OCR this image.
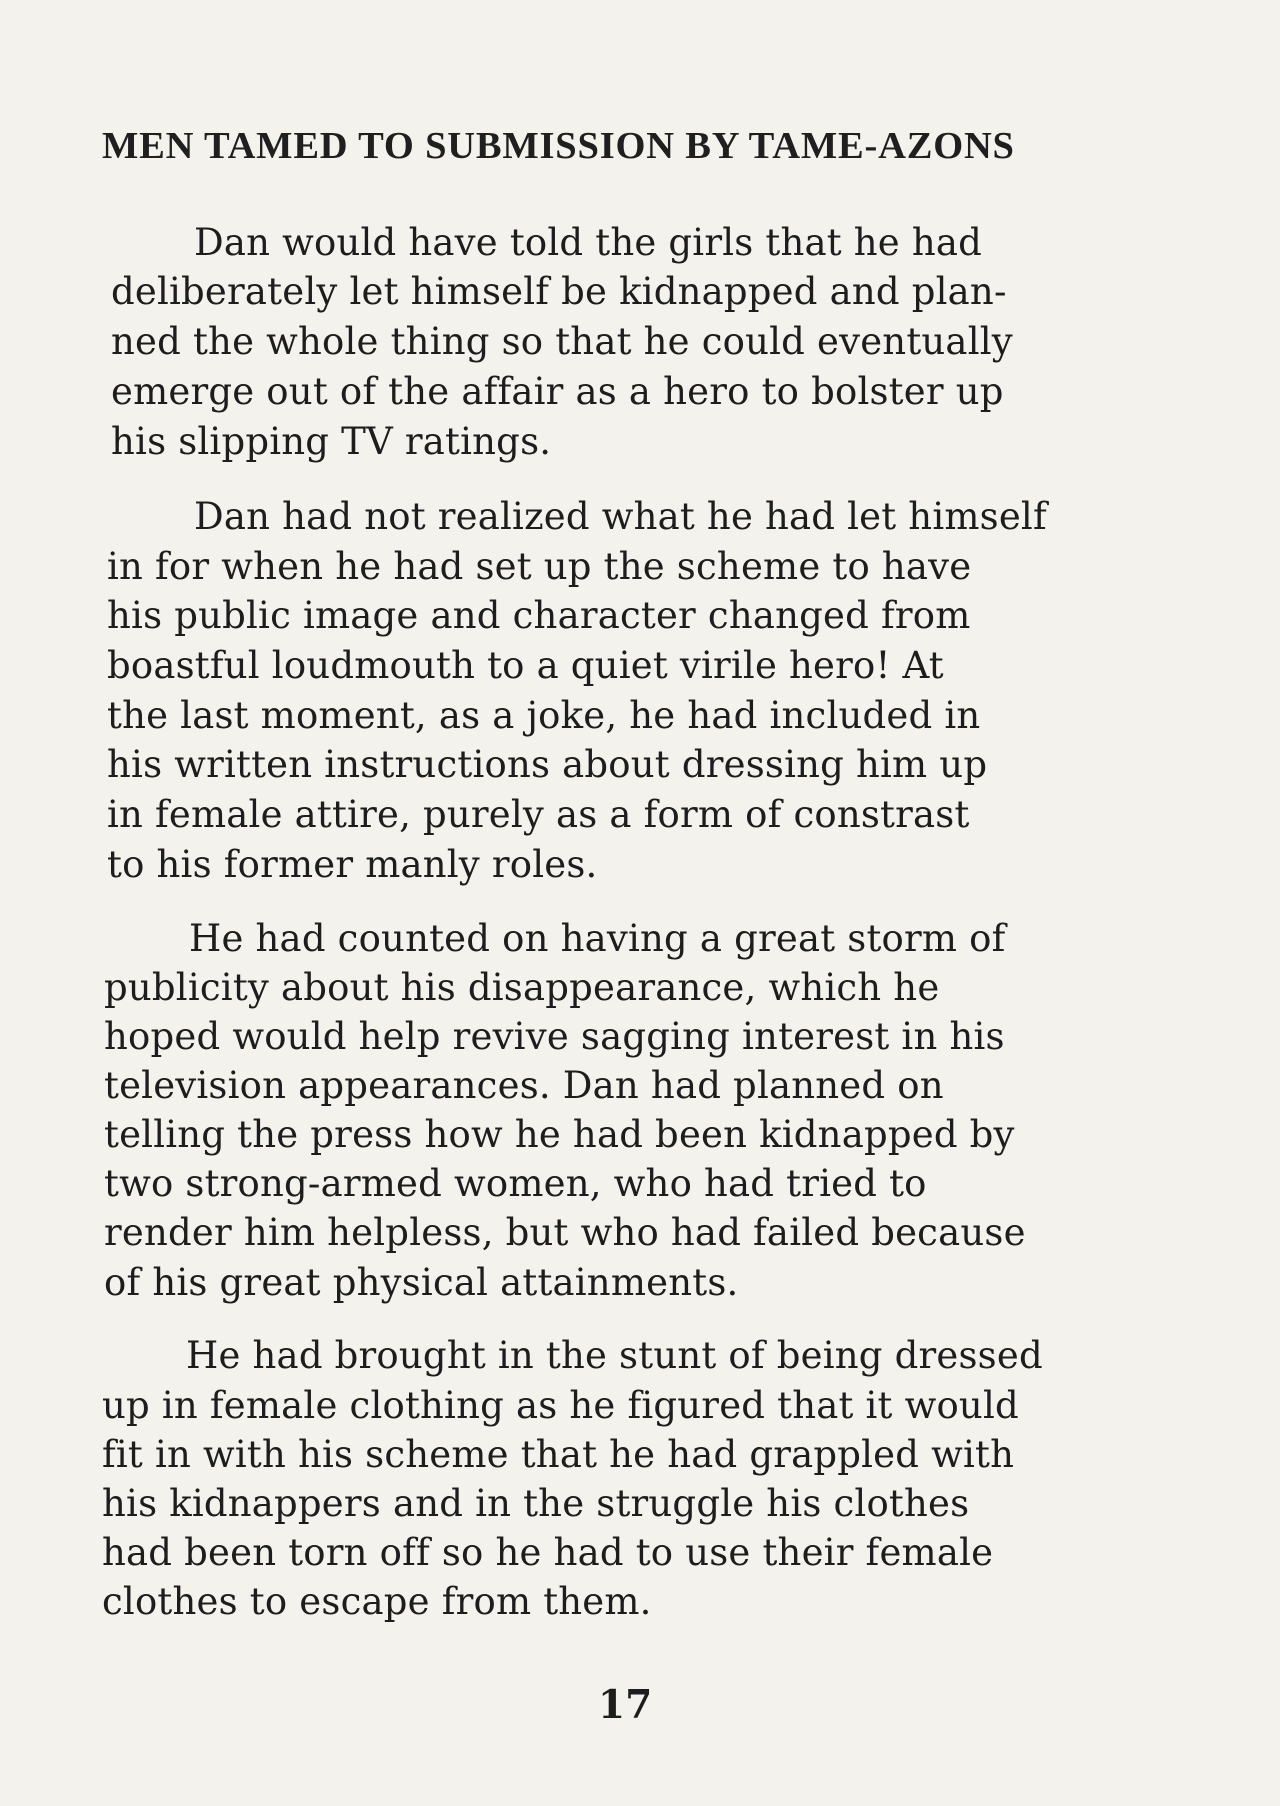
MEN TAMED TO SUBMISSION BY TAME-AZONS
Dan would have told the girls that he had
deliberately let himself be kidnapped and plan-
ned the whole thing so that he could eventually
emerge out of the affair as a hero to bolster up
his slipping TV ratings.
Dan had not realized what he had let himself
in for when he had set up the scheme to have
his public image and character changed from
boastful loudmouth to a quiet virile hero! At
the last moment, as a joke, he had included in
his written instructions about dressing him up
in female attire, purely as a form of constrast
to his former manly roles.
He had counted on having a great storm of
publicity about his disappearance, which he
hoped would help revive sagging interest in his
television appearances. Dan had planned on
telling the press how he had been kidnapped by
two strong-armed women, who had tried to
render him helpless, but who had failed because
of his great physical attainments.
He had brought in the stunt of being dressed
up in female clothing as he figured that it would
fit in with his scheme that he had grappled with
his kidnappers and in the struggle his clothes
had been torn off so he had to use their female
clothes to escape from them.
17
